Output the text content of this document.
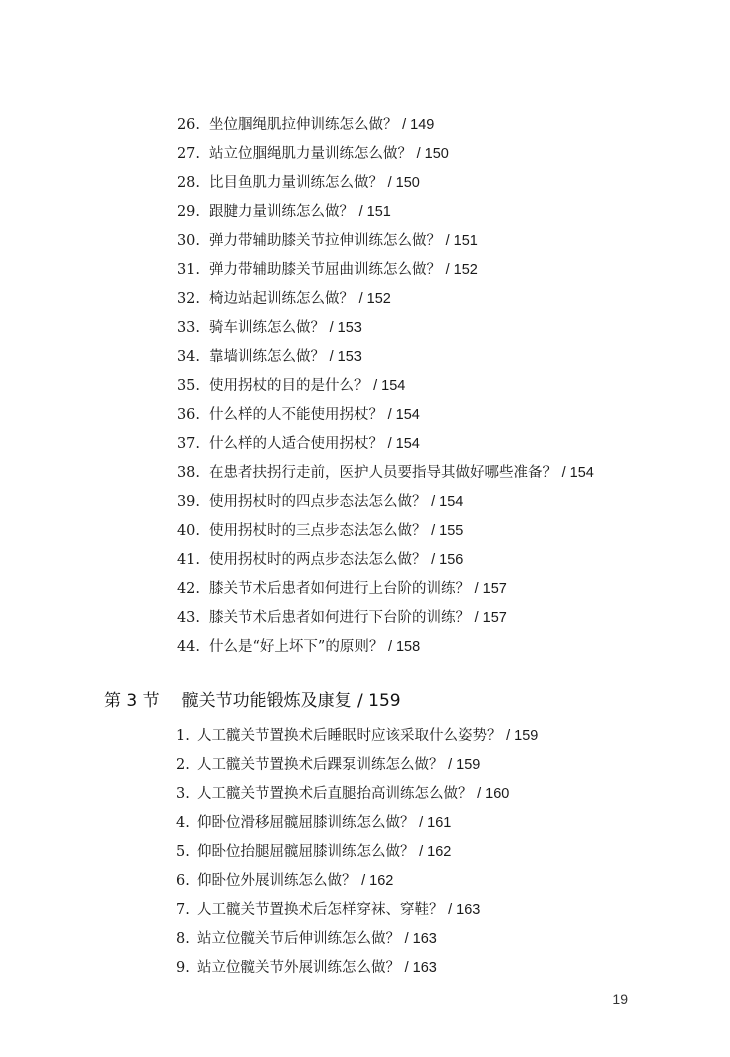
26. 坐位腘绳肌拉伸训练怎么做？ / 149
27. 站立位腘绳肌力量训练怎么做？ / 150
28. 比目鱼肌力量训练怎么做？ / 150
29. 跟腱力量训练怎么做？ / 151
30. 弹力带辅助膝关节拉伸训练怎么做？ / 151
31. 弹力带辅助膝关节屈曲训练怎么做？ / 152
32. 椅边站起训练怎么做？ / 152
33. 骑车训练怎么做？ / 153
34. 靠墙训练怎么做？ / 153
35. 使用拐杖的目的是什么？ / 154
36. 什么样的人不能使用拐杖？ / 154
37. 什么样的人适合使用拐杖？ / 154
38. 在患者扶拐行走前，医护人员要指导其做好哪些准备？ / 154
39. 使用拐杖时的四点步态法怎么做？ / 154
40. 使用拐杖时的三点步态法怎么做？ / 155
41. 使用拐杖时的两点步态法怎么做？ / 156
42. 膝关节术后患者如何进行上台阶的训练？ / 157
43. 膝关节术后患者如何进行下台阶的训练？ / 157
44. 什么是“好上坏下”的原则？ / 158
第 3 节 髋关节功能锻炼及康复 / 159
1. 人工髋关节置换术后睡眠时应该采取什么姿势？ / 159
2. 人工髋关节置换术后踝泵训练怎么做？ / 159
3. 人工髋关节置换术后直腿抬高训练怎么做？ / 160
4. 仰卧位滑移屈髋屈膝训练怎么做？ / 161
5. 仰卧位抬腿屈髋屈膝训练怎么做？ / 162
6. 仰卧位外展训练怎么做？ / 162
7. 人工髋关节置换术后怎样穿袜、穿鞋？ / 163
8. 站立位髋关节后伸训练怎么做？ / 163
9. 站立位髋关节外展训练怎么做？ / 163
19
